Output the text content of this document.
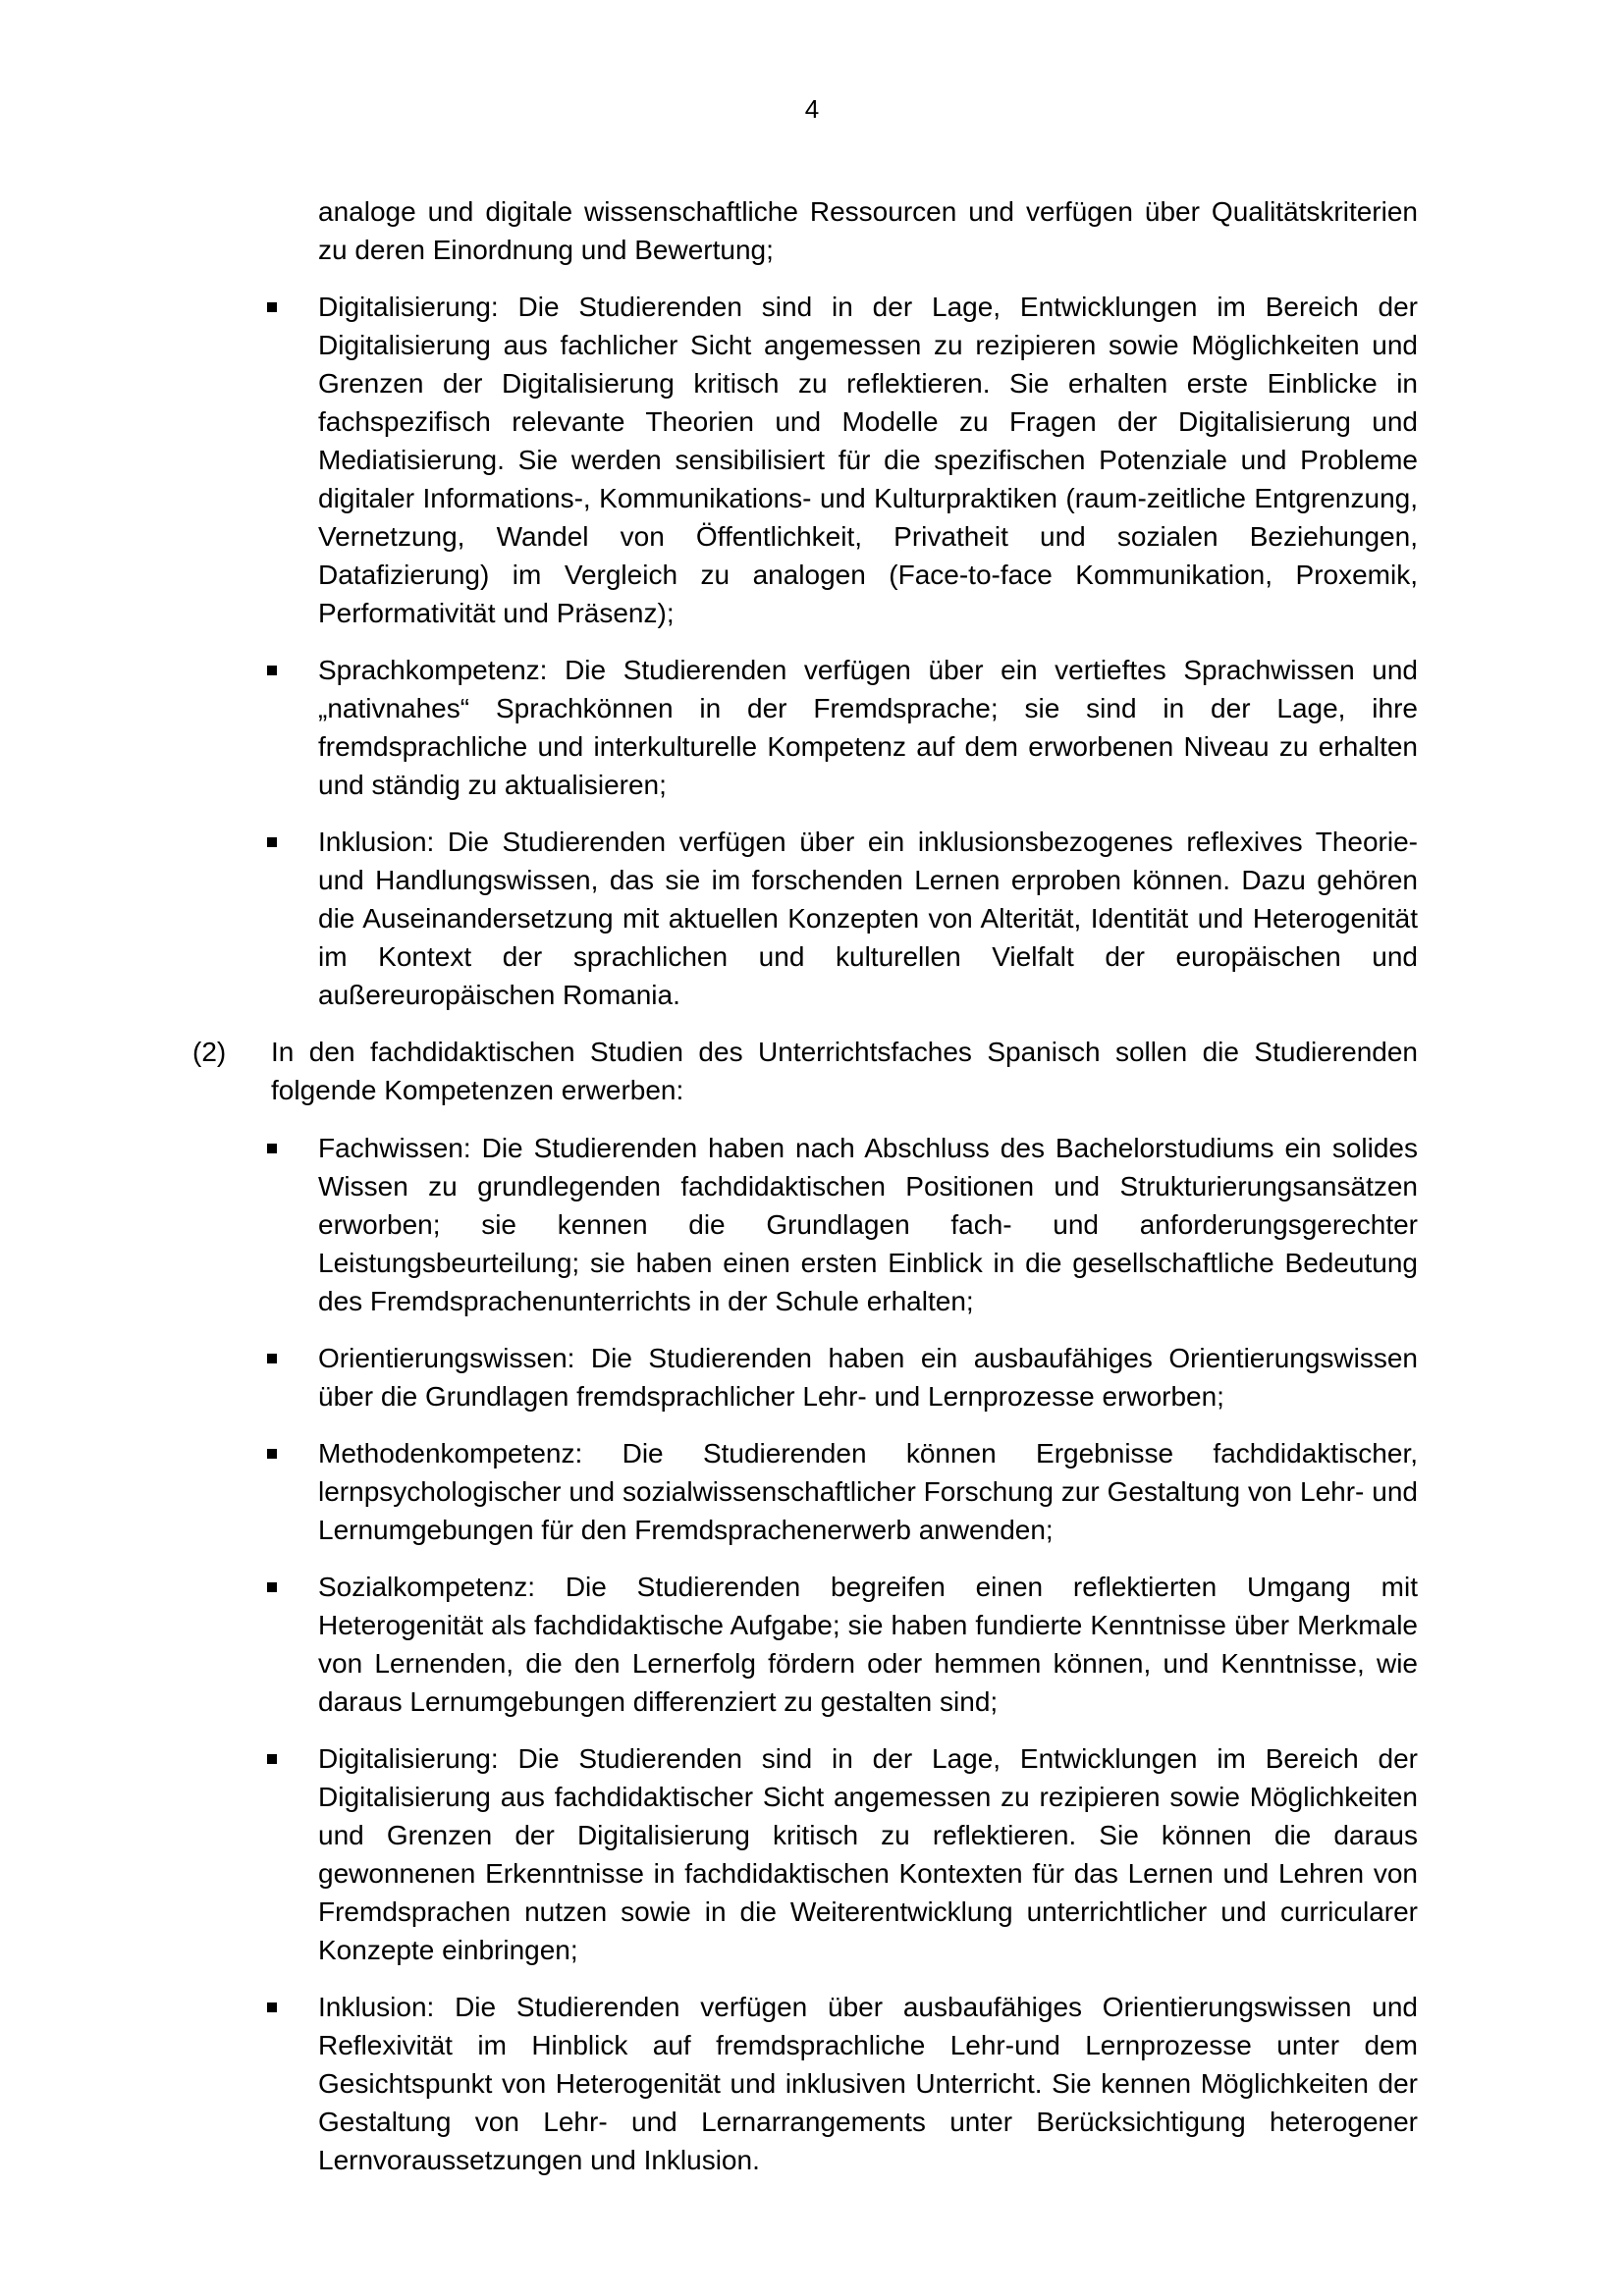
4

analoge und digitale wissenschaftliche Ressourcen und verfügen über Qualitätskriterien zu deren Einordnung und Bewertung;

Digitalisierung: Die Studierenden sind in der Lage, Entwicklungen im Bereich der Digitalisierung aus fachlicher Sicht angemessen zu rezipieren sowie Möglichkeiten und Grenzen der Digitalisierung kritisch zu reflektieren. Sie erhalten erste Einblicke in fachspezifisch relevante Theorien und Modelle zu Fragen der Digitalisierung und Mediatisierung. Sie werden sensibilisiert für die spezifischen Potenziale und Probleme digitaler Informations-, Kommunikations- und Kulturpraktiken (raum-zeitliche Entgrenzung, Vernetzung, Wandel von Öffentlichkeit, Privatheit und sozialen Beziehungen, Datafizierung) im Vergleich zu analogen (Face-to-face Kommunikation, Proxemik, Performativität und Präsenz);

Sprachkompetenz: Die Studierenden verfügen über ein vertieftes Sprachwissen und „nativnahes“ Sprachkönnen in der Fremdsprache; sie sind in der Lage, ihre fremdsprachliche und interkulturelle Kompetenz auf dem erworbenen Niveau zu erhalten und ständig zu aktualisieren;

Inklusion: Die Studierenden verfügen über ein inklusionsbezogenes reflexives Theorie- und Handlungswissen, das sie im forschenden Lernen erproben können. Dazu gehören die Auseinandersetzung mit aktuellen Konzepten von Alterität, Identität und Heterogenität im Kontext der sprachlichen und kulturellen Vielfalt der europäischen und außereuropäischen Romania.

(2) In den fachdidaktischen Studien des Unterrichtsfaches Spanisch sollen die Studierenden folgende Kompetenzen erwerben:

Fachwissen: Die Studierenden haben nach Abschluss des Bachelorstudiums ein solides Wissen zu grundlegenden fachdidaktischen Positionen und Strukturierungsansätzen erworben; sie kennen die Grundlagen fach- und anforderungsgerechter Leistungsbeurteilung; sie haben einen ersten Einblick in die gesellschaftliche Bedeutung des Fremdsprachenunterrichts in der Schule erhalten;

Orientierungswissen: Die Studierenden haben ein ausbaufähiges Orientierungswissen über die Grundlagen fremdsprachlicher Lehr- und Lernprozesse erworben;

Methodenkompetenz: Die Studierenden können Ergebnisse fachdidaktischer, lernpsychologischer und sozialwissenschaftlicher Forschung zur Gestaltung von Lehr- und Lernumgebungen für den Fremdsprachenerwerb anwenden;

Sozialkompetenz: Die Studierenden begreifen einen reflektierten Umgang mit Heterogenität als fachdidaktische Aufgabe; sie haben fundierte Kenntnisse über Merkmale von Lernenden, die den Lernerfolg fördern oder hemmen können, und Kenntnisse, wie daraus Lernumgebungen differenziert zu gestalten sind;

Digitalisierung: Die Studierenden sind in der Lage, Entwicklungen im Bereich der Digitalisierung aus fachdidaktischer Sicht angemessen zu rezipieren sowie Möglichkeiten und Grenzen der Digitalisierung kritisch zu reflektieren. Sie können die daraus gewonnenen Erkenntnisse in fachdidaktischen Kontexten für das Lernen und Lehren von Fremdsprachen nutzen sowie in die Weiterentwicklung unterrichtlicher und curricularer Konzepte einbringen;

Inklusion: Die Studierenden verfügen über ausbaufähiges Orientierungswissen und Reflexivität im Hinblick auf fremdsprachliche Lehr-und Lernprozesse unter dem Gesichtspunkt von Heterogenität und inklusiven Unterricht. Sie kennen Möglichkeiten der Gestaltung von Lehr- und Lernarrangements unter Berücksichtigung heterogener Lernvoraussetzungen und Inklusion.
